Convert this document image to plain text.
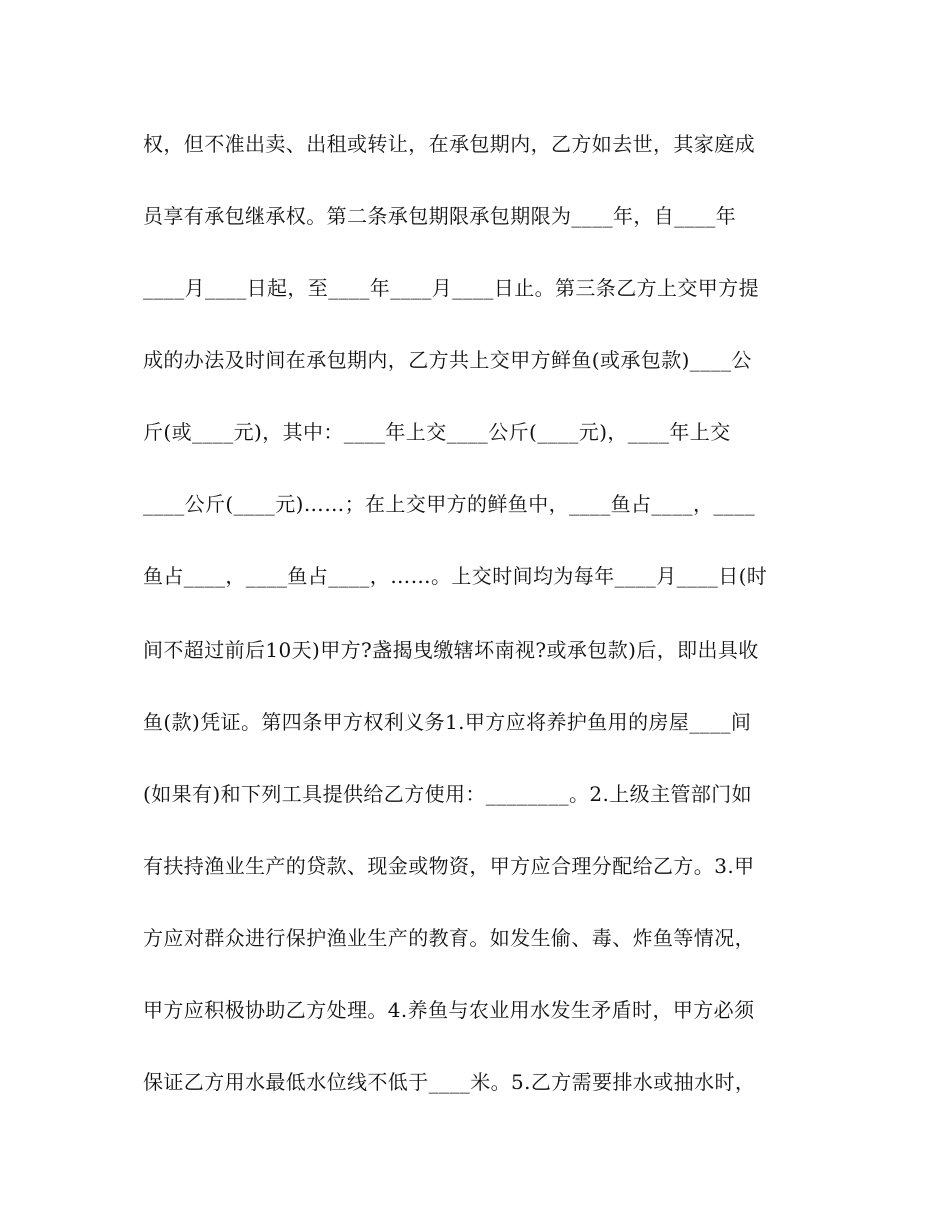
权，但不准出卖、出租或转让，在承包期内，乙方如去世，其家庭成
员享有承包继承权。第二条承包期限承包期限为____年，自____年
____月____日起，至____年____月____日止。第三条乙方上交甲方提
成的办法及时间在承包期内，乙方共上交甲方鲜鱼(或承包款)____公
斤(或____元)，其中：____年上交____公斤(____元)，____年上交
____公斤(____元)……；在上交甲方的鲜鱼中，____鱼占____，____
鱼占____，____鱼占____，……。上交时间均为每年____月____日(时
间不超过前后10天)甲方?盏揭曳缴辖坏南视?或承包款)后，即出具收
鱼(款)凭证。第四条甲方权利义务1.甲方应将养护鱼用的房屋____间
(如果有)和下列工具提供给乙方使用：________。2.上级主管部门如
有扶持渔业生产的贷款、现金或物资，甲方应合理分配给乙方。3.甲
方应对群众进行保护渔业生产的教育。如发生偷、毒、炸鱼等情况，
甲方应积极协助乙方处理。4.养鱼与农业用水发生矛盾时，甲方必须
保证乙方用水最低水位线不低于____米。5.乙方需要排水或抽水时，
